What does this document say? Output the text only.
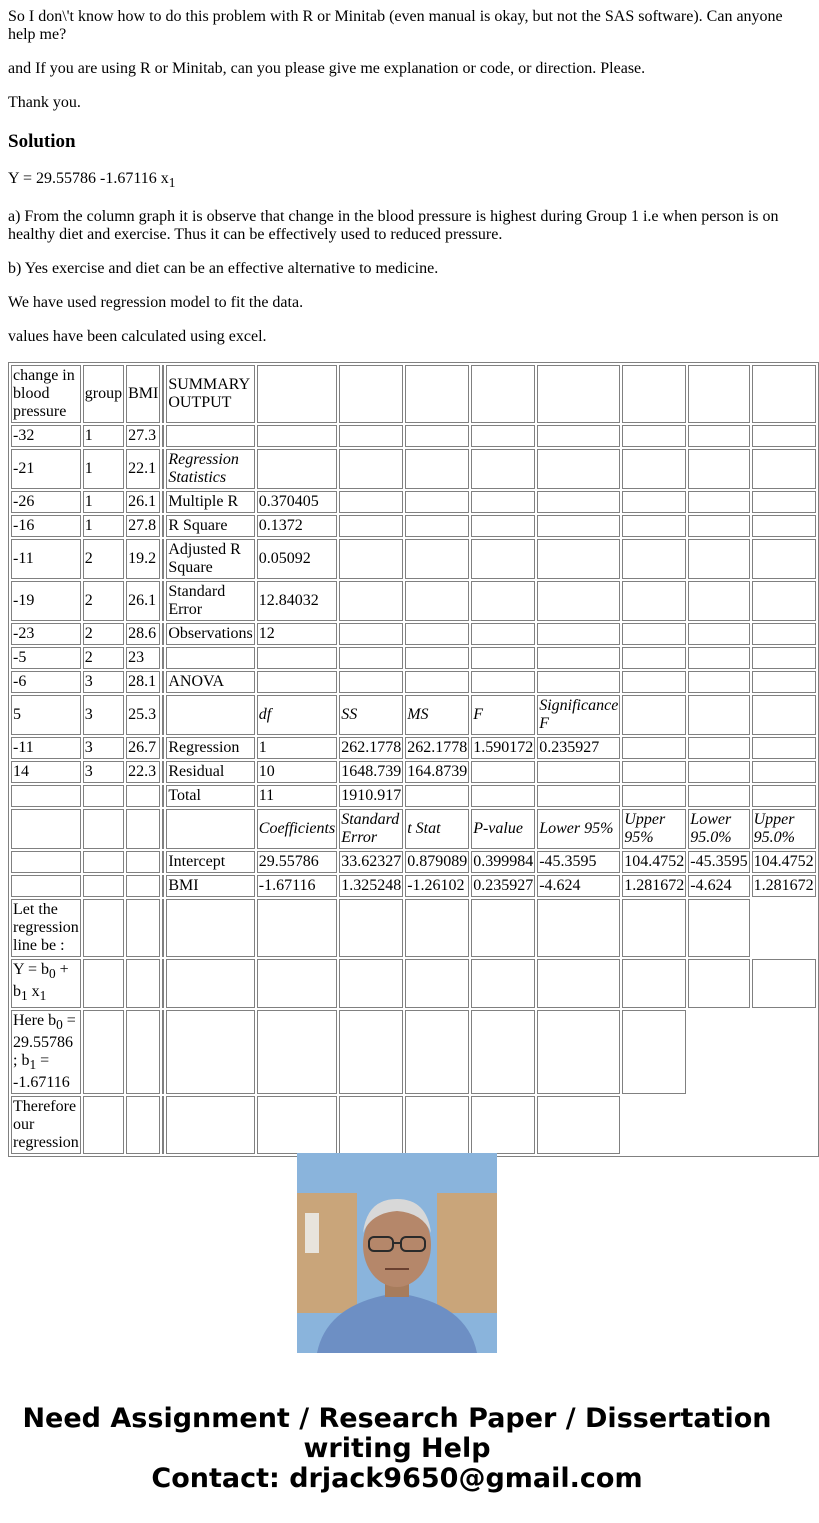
So I don\'t know how to do this problem with R or Minitab (even manual is okay, but not the SAS software). Can anyone help me?

and If you are using R or Minitab, can you please give me explanation or code, or direction. Please.

Thank you.

Solution

Y = 29.55786 -1.67116 $x_1$

a) From the column graph it is observe that change in the blood pressure is highest during Group 1 i.e when person is on healthy diet and exercise. Thus it can be effectively used to reduced pressure.

b) Yes exercise and diet can be an effective alternative to medicine.

We have used regression model to fit the data.

values have been calculated using excel.

change in blood pressure	group	BMI		SUMMARY OUTPUT								
-32	1	27.3										
-21	1	22.1		Regression Statistics								
-26	1	26.1		Multiple R	0.370405							
-16	1	27.8		R Square	0.1372							
-11	2	19.2		Adjusted R Square	0.05092							
-19	2	26.1		Standard Error	12.84032							
-23	2	28.6		Observations	12							
-5	2	23										
-6	3	28.1		ANOVA								
5	3	25.3			df	SS	MS	F	Significance F			
-11	3	26.7		Regression	1	262.1778	262.1778	1.590172	0.235927			
14	3	22.3		Residual	10	1648.739	164.8739					
				Total	11	1910.917						
					Coefficients	Standard Error	t Stat	P-value	Lower 95%	Upper 95%	Lower 95.0%	Upper 95.0%
				Intercept	29.55786	33.62327	0.879089	0.399984	-45.3595	104.4752	-45.3595	104.4752
				BMI	-1.67116	1.325248	-1.26102	0.235927	-4.624	1.281672	-4.624	1.281672
Let the regression line be :												
$Y = b_0 + b_1$ $x_1$												
Here $b_0 = 29.55786$ ; $b_1 = -1.67116$												
Therefore our regression												
Need Assignment / Research Paper / Dissertation writing Help
Contact: drjack9650@gmail.com
